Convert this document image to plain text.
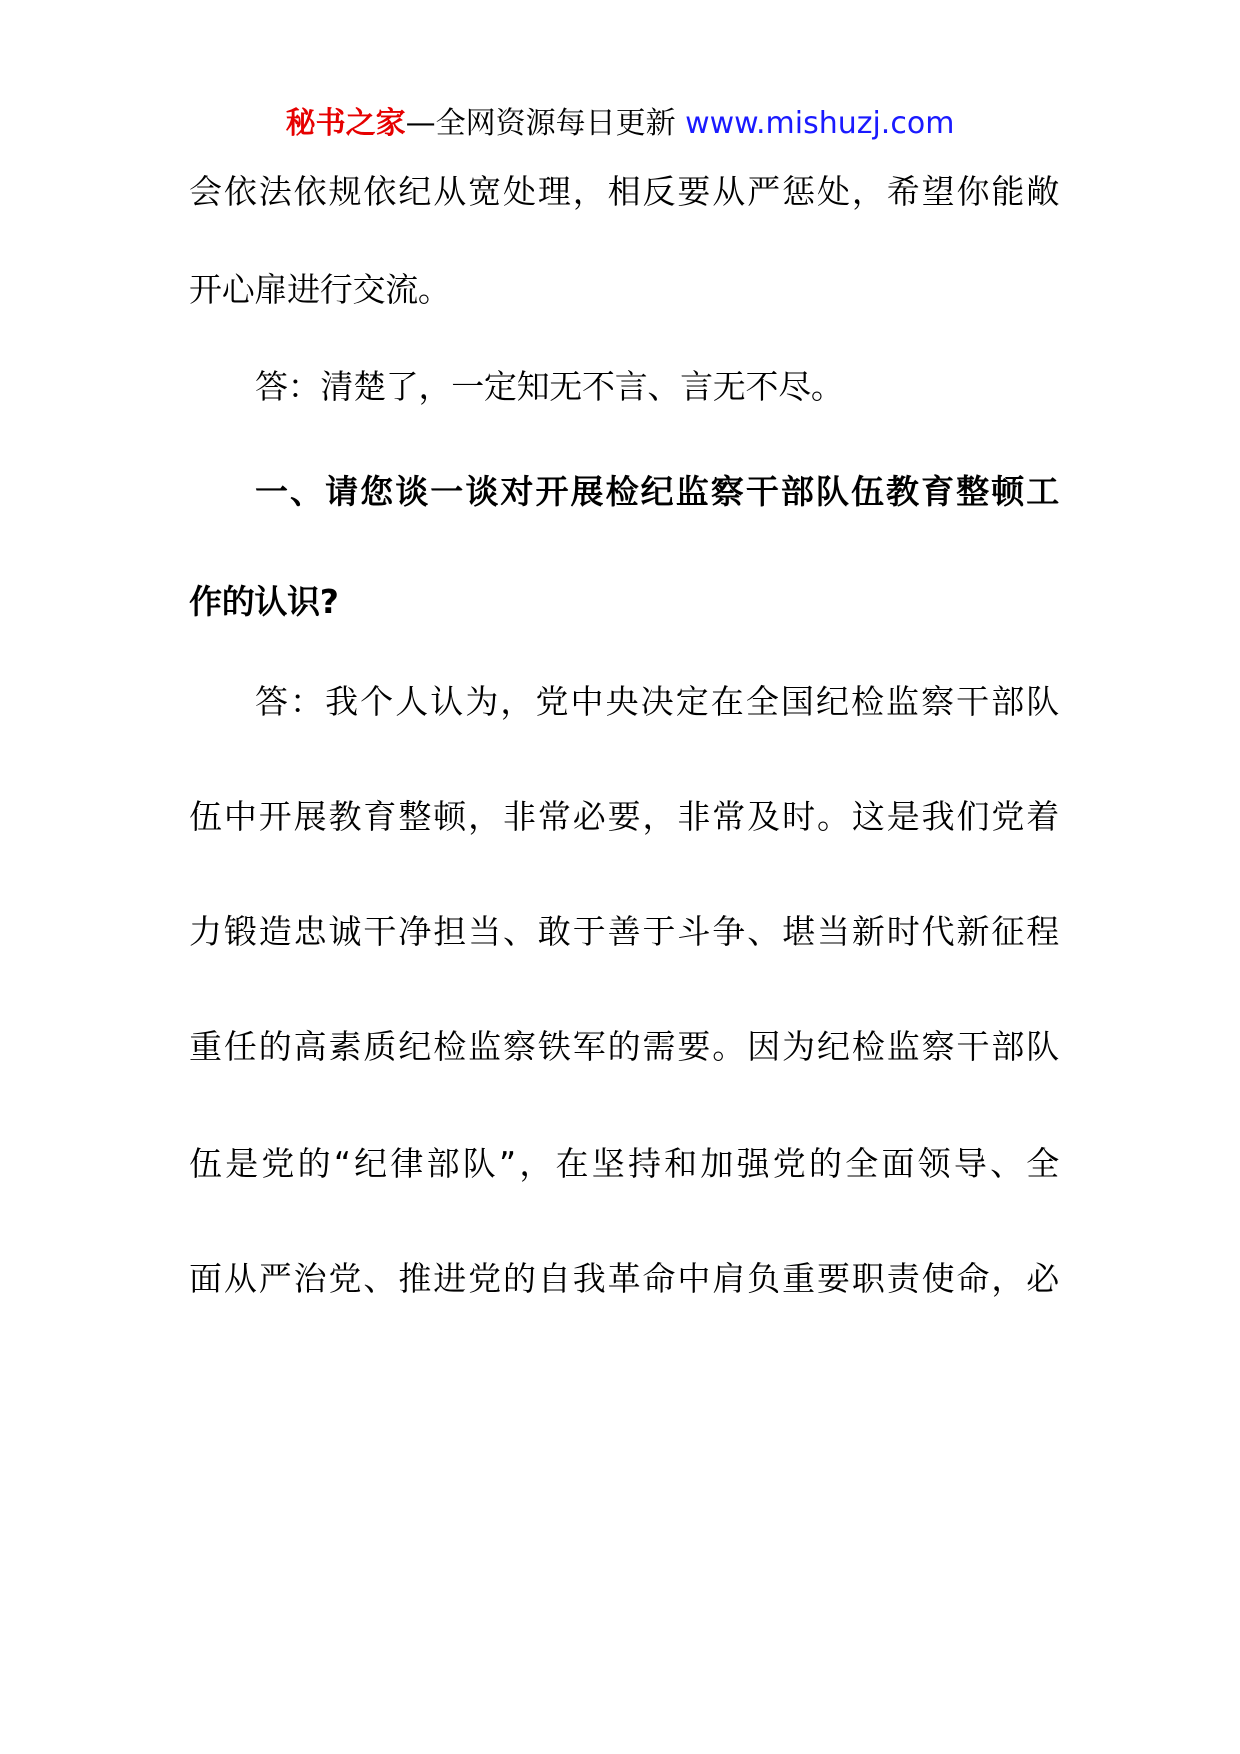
秘书之家—全网资源每日更新 www.mishuzj.com
会依法依规依纪从宽处理，相反要从严惩处，希望你能敞
开心扉进行交流。
答：清楚了，一定知无不言、言无不尽。
一、请您谈一谈对开展检纪监察干部队伍教育整顿工
作的认识?
答：我个人认为，党中央决定在全国纪检监察干部队
伍中开展教育整顿，非常必要，非常及时。这是我们党着
力锻造忠诚干净担当、敢于善于斗争、堪当新时代新征程
重任的高素质纪检监察铁军的需要。因为纪检监察干部队
伍是党的“纪律部队”，在坚持和加强党的全面领导、全
面从严治党、推进党的自我革命中肩负重要职责使命，必
